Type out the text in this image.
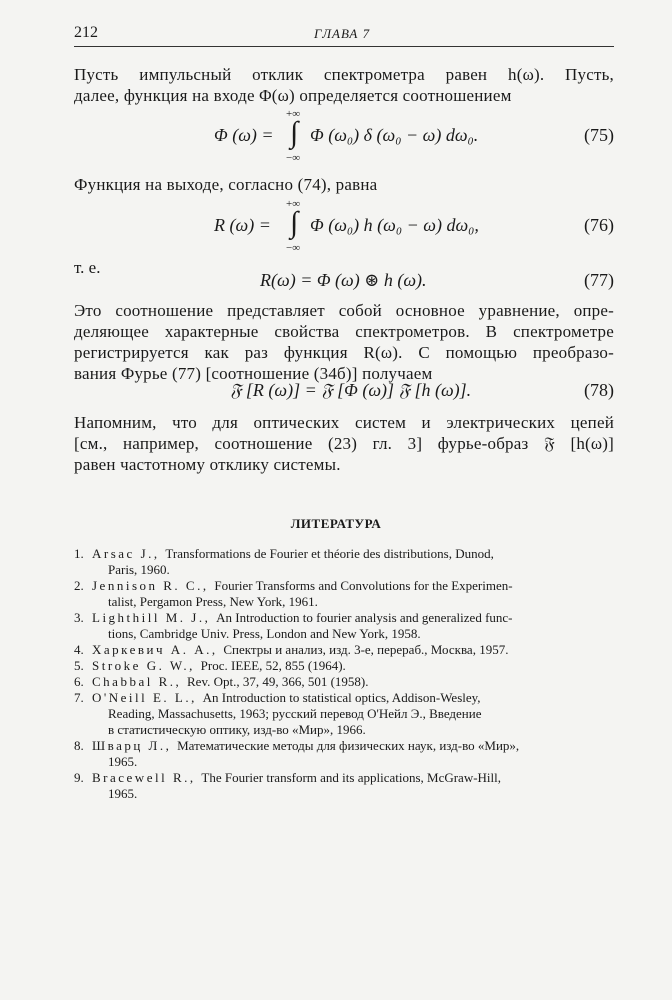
212	ГЛАВА 7
Пусть импульсный отклик спектрометра равен h(ω). Пусть,
далее, функция на входе Φ(ω) определяется соотношением
Φ (ω) =
+∞
∫
−∞
Φ (ω₀) δ (ω₀ − ω) dω₀.	(75)
Функция на выходе, согласно (74), равна
R (ω) =
+∞
∫
−∞
Φ (ω₀) h (ω₀ − ω) dω₀,	(76)
т. е.
R(ω) = Φ (ω) ⊛ h (ω).	(77)
Это соотношение представляет собой основное уравнение, опре-
деляющее характерные свойства спектрометров. В спектрометре
регистрируется как раз функция R(ω). С помощью преобразо-
вания Фурье (77) [соотношение (34б)] получаем
𝔉 [R (ω)] = 𝔉 [Φ (ω)] 𝔉 [h (ω)].	(78)
Напомним, что для оптических систем и электрических цепей
[см., например, соотношение (23) гл. 3] фурье-образ 𝔉 [h(ω)]
равен частотному отклику системы.
ЛИТЕРАТУРА
1. Arsac J., Transformations de Fourier et théorie des distributions, Dunod,
Paris, 1960.
2. Jennison R. C., Fourier Transforms and Convolutions for the Experimen-
talist, Pergamon Press, New York, 1961.
3. Lighthill M. J., An Introduction to fourier analysis and generalized func-
tions, Cambridge Univ. Press, London and New York, 1958.
4. Харкевич А. А., Спектры и анализ, изд. 3-е, перераб., Москва, 1957.
5. Stroke G. W., Proc. IEEE, 52, 855 (1964).
6. Chabbal R., Rev. Opt., 37, 49, 366, 501 (1958).
7. O'Neill E. L., An Introduction to statistical optics, Addison-Wesley,
Reading, Massachusetts, 1963; русский перевод О'Нейл Э., Введение
в статистическую оптику, изд-во «Мир», 1966.
8. Шварц Л., Математические методы для физических наук, изд-во «Мир»,
1965.
9. Bracewell R., The Fourier transform and its applications, McGraw-Hill,
1965.
